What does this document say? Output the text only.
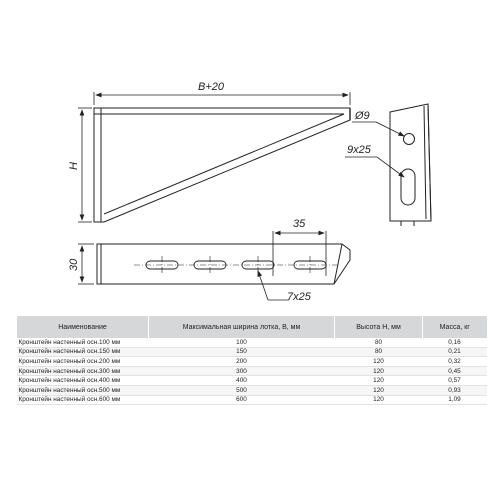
B+20
H
Ø9
9x25
35
7x25
30
Наименование	Максимальная ширина лотка, B, мм	Высота H, мм	Масса, кг
Кронштейн настенный осн.100 мм	100	80	0,16
Кронштейн настенный осн.150 мм	150	80	0,21
Кронштейн настенный осн.200 мм	200	120	0,32
Кронштейн настенный осн.300 мм	300	120	0,45
Кронштейн настенный осн.400 мм	400	120	0,57
Кронштейн настенный осн.500 мм	500	120	0,93
Кронштейн настенный осн.600 мм	600	120	1,09
